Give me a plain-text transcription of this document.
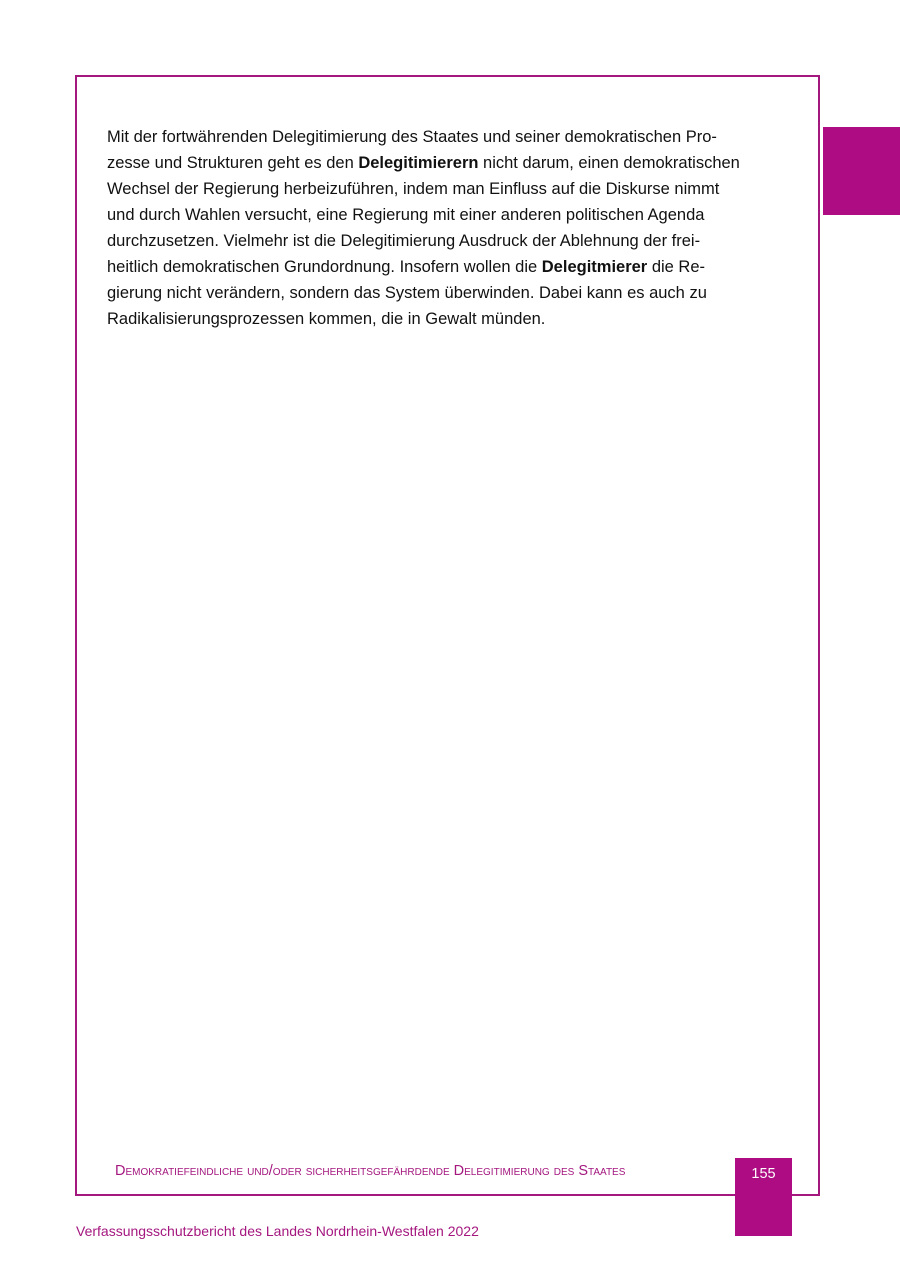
Mit der fortwährenden Delegitimierung des Staates und seiner demokratischen Pro-
zesse und Strukturen geht es den Delegitimierern nicht darum, einen demokratischen
Wechsel der Regierung herbeizuführen, indem man Einfluss auf die Diskurse nimmt
und durch Wahlen versucht, eine Regierung mit einer anderen politischen Agenda
durchzusetzen. Vielmehr ist die Delegitimierung Ausdruck der Ablehnung der frei-
heitlich demokratischen Grundordnung. Insofern wollen die Delegitmierer die Re-
gierung nicht verändern, sondern das System überwinden. Dabei kann es auch zu
Radikalisierungsprozessen kommen, die in Gewalt münden.

Demokratiefeindliche und/oder sicherheitsgefährdende Delegitimierung des Staates	155
Verfassungsschutzbericht des Landes Nordrhein-Westfalen 2022
